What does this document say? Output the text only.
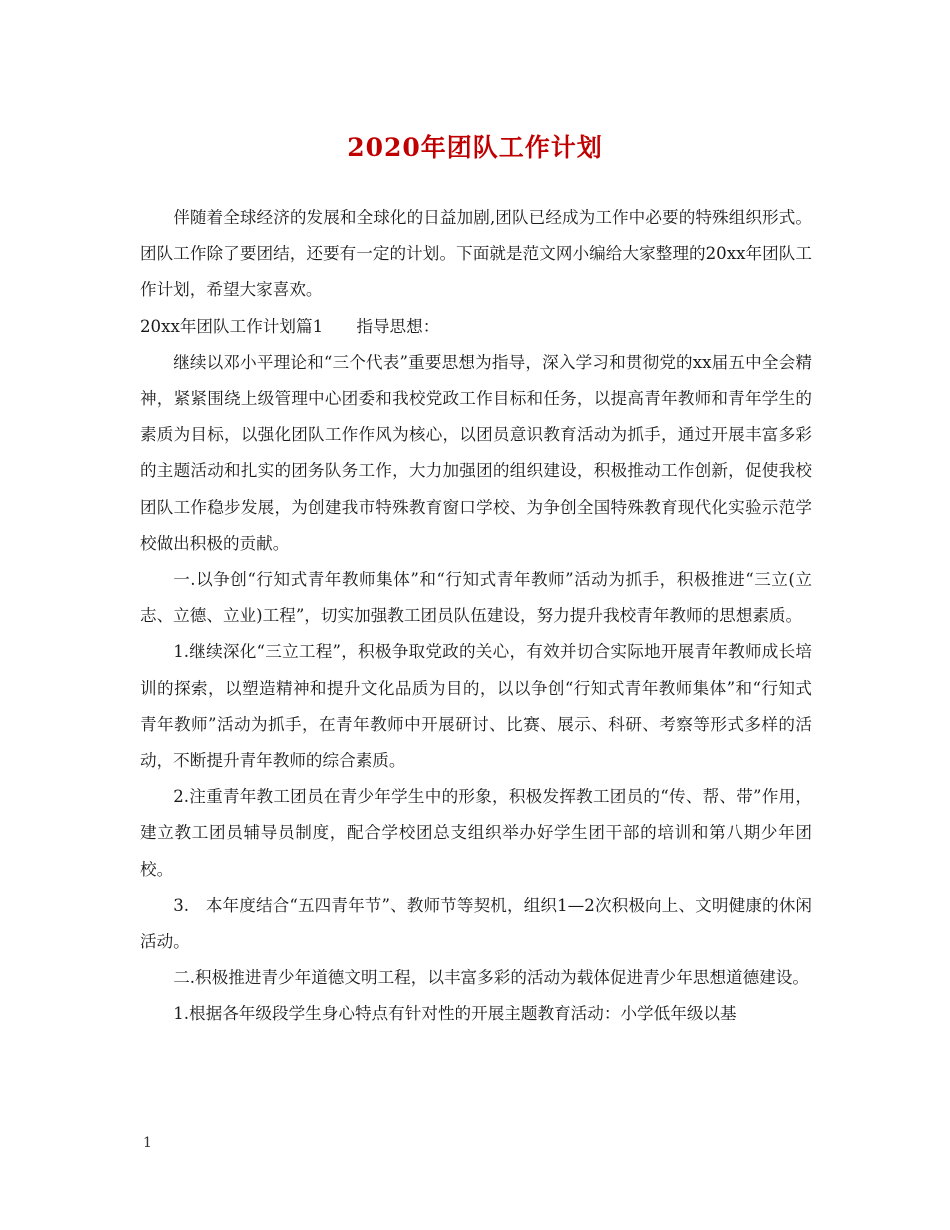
2020年团队工作计划

伴随着全球经济的发展和全球化的日益加剧,团队已经成为工作中必要的特殊组织形式。团队工作除了要团结，还要有一定的计划。下面就是范文网小编给大家整理的20xx年团队工作计划，希望大家喜欢。

20xx年团队工作计划篇1　　指导思想：

继续以邓小平理论和“三个代表”重要思想为指导，深入学习和贯彻党的xx届五中全会精神，紧紧围绕上级管理中心团委和我校党政工作目标和任务，以提高青年教师和青年学生的素质为目标，以强化团队工作作风为核心，以团员意识教育活动为抓手，通过开展丰富多彩的主题活动和扎实的团务队务工作，大力加强团的组织建设，积极推动工作创新，促使我校团队工作稳步发展，为创建我市特殊教育窗口学校、为争创全国特殊教育现代化实验示范学校做出积极的贡献。

一.以争创“行知式青年教师集体”和“行知式青年教师”活动为抓手，积极推进“三立(立志、立德、立业)工程”，切实加强教工团员队伍建设，努力提升我校青年教师的思想素质。

1.继续深化“三立工程”，积极争取党政的关心，有效并切合实际地开展青年教师成长培训的探索，以塑造精神和提升文化品质为目的，以以争创“行知式青年教师集体”和“行知式青年教师”活动为抓手，在青年教师中开展研讨、比赛、展示、科研、考察等形式多样的活动，不断提升青年教师的综合素质。

2.注重青年教工团员在青少年学生中的形象，积极发挥教工团员的“传、帮、带”作用，建立教工团员辅导员制度，配合学校团总支组织举办好学生团干部的培训和第八期少年团校。

3.　本年度结合“五四青年节”、教师节等契机，组织1—2次积极向上、文明健康的休闲活动。

二.积极推进青少年道德文明工程，以丰富多彩的活动为载体促进青少年思想道德建设。

1.根据各年级段学生身心特点有针对性的开展主题教育活动：小学低年级以基

1
